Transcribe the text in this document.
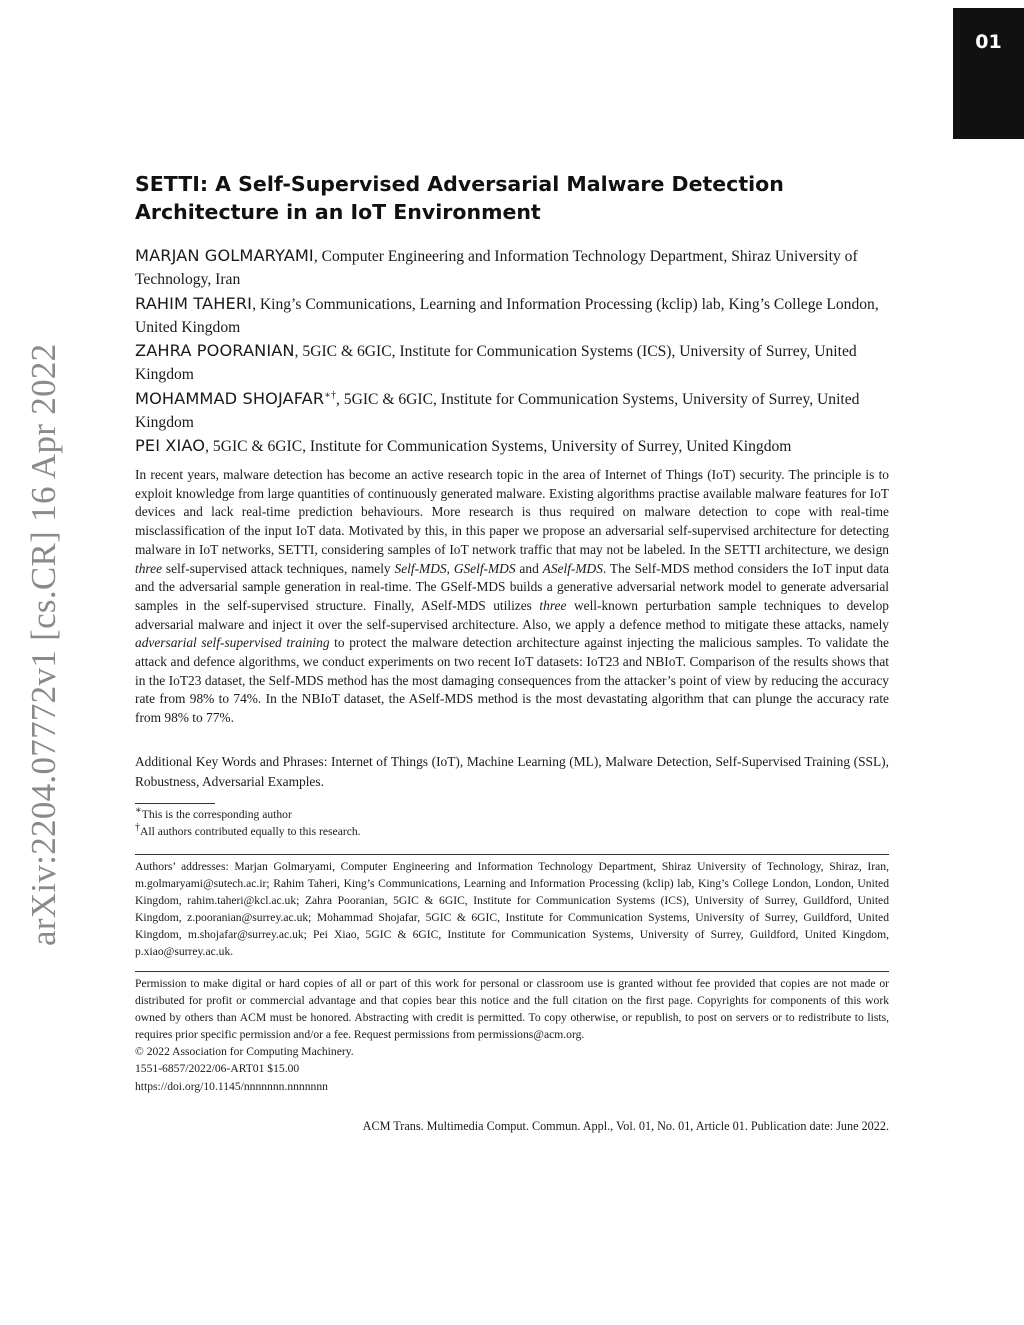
01
arXiv:2204.07772v1 [cs.CR] 16 Apr 2022
SETTI: A Self-Supervised Adversarial Malware Detection
Architecture in an IoT Environment

MARJAN GOLMARYAMI, Computer Engineering and Information Technology Department, Shiraz University of Technology, Iran

RAHIM TAHERI, King’s Communications, Learning and Information Processing (kclip) lab, King’s College London, United Kingdom

ZAHRA POORANIAN, 5GIC & 6GIC, Institute for Communication Systems (ICS), University of Surrey, United Kingdom

MOHAMMAD SHOJAFAR∗†, 5GIC & 6GIC, Institute for Communication Systems, University of Surrey, United Kingdom

PEI XIAO, 5GIC & 6GIC, Institute for Communication Systems, University of Surrey, United Kingdom

In recent years, malware detection has become an active research topic in the area of Internet of Things (IoT) security. The principle is to exploit knowledge from large quantities of continuously generated malware. Existing algorithms practise available malware features for IoT devices and lack real-time prediction behaviours. More research is thus required on malware detection to cope with real-time misclassification of the input IoT data. Motivated by this, in this paper we propose an adversarial self-supervised architecture for detecting malware in IoT networks, SETTI, considering samples of IoT network traffic that may not be labeled. In the SETTI architecture, we design three self-supervised attack techniques, namely Self-MDS, GSelf-MDS and ASelf-MDS. The Self-MDS method considers the IoT input data and the adversarial sample generation in real-time. The GSelf-MDS builds a generative adversarial network model to generate adversarial samples in the self-supervised structure. Finally, ASelf-MDS utilizes three well-known perturbation sample techniques to develop adversarial malware and inject it over the self-supervised architecture. Also, we apply a defence method to mitigate these attacks, namely adversarial self-supervised training to protect the malware detection architecture against injecting the malicious samples. To validate the attack and defence algorithms, we conduct experiments on two recent IoT datasets: IoT23 and NBIoT. Comparison of the results shows that in the IoT23 dataset, the Self-MDS method has the most damaging consequences from the attacker’s point of view by reducing the accuracy rate from 98% to 74%. In the NBIoT dataset, the ASelf-MDS method is the most devastating algorithm that can plunge the accuracy rate from 98% to 77%.

Additional Key Words and Phrases: Internet of Things (IoT), Machine Learning (ML), Malware Detection, Self-Supervised Training (SSL), Robustness, Adversarial Examples.
∗This is the corresponding author
†All authors contributed equally to this research.
Authors’ addresses: Marjan Golmaryami, Computer Engineering and Information Technology Department, Shiraz University of Technology, Shiraz, Iran, m.golmaryami@sutech.ac.ir; Rahim Taheri, King’s Communications, Learning and Information Processing (kclip) lab, King’s College London, London, United Kingdom, rahim.taheri@kcl.ac.uk; Zahra Pooranian, 5GIC & 6GIC, Institute for Communication Systems (ICS), University of Surrey, Guildford, United Kingdom, z.pooranian@surrey.ac.uk; Mohammad Shojafar, 5GIC & 6GIC, Institute for Communication Systems, University of Surrey, Guildford, United Kingdom, m.shojafar@surrey.ac.uk; Pei Xiao, 5GIC & 6GIC, Institute for Communication Systems, University of Surrey, Guildford, United Kingdom, p.xiao@surrey.ac.uk.

Permission to make digital or hard copies of all or part of this work for personal or classroom use is granted without fee provided that copies are not made or distributed for profit or commercial advantage and that copies bear this notice and the full citation on the first page. Copyrights for components of this work owned by others than ACM must be honored. Abstracting with credit is permitted. To copy otherwise, or republish, to post on servers or to redistribute to lists, requires prior specific permission and/or a fee. Request permissions from permissions@acm.org.

© 2022 Association for Computing Machinery.

1551-6857/2022/06-ART01 $15.00

https://doi.org/10.1145/nnnnnnn.nnnnnnn

ACM Trans. Multimedia Comput. Commun. Appl., Vol. 01, No. 01, Article 01. Publication date: June 2022.
